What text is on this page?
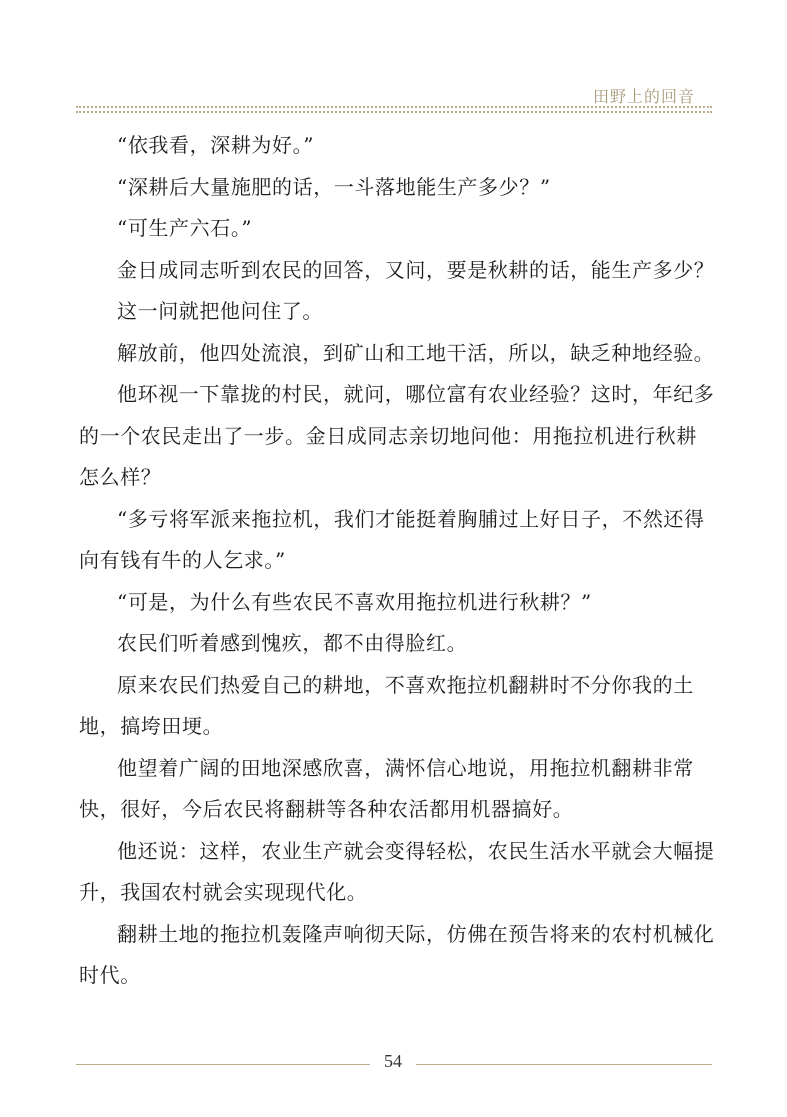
田野上的回音

“依我看，深耕为好。”

“深耕后大量施肥的话，一斗落地能生产多少？”

“可生产六石。”

金日成同志听到农民的回答，又问，要是秋耕的话，能生产多少？

这一问就把他问住了。

解放前，他四处流浪，到矿山和工地干活，所以，缺乏种地经验。

他环视一下靠拢的村民，就问，哪位富有农业经验？这时，年纪多的一个农民走出了一步。金日成同志亲切地问他：用拖拉机进行秋耕怎么样？

“多亏将军派来拖拉机，我们才能挺着胸脯过上好日子，不然还得向有钱有牛的人乞求。”

“可是，为什么有些农民不喜欢用拖拉机进行秋耕？”

农民们听着感到愧疚，都不由得脸红。

原来农民们热爱自己的耕地，不喜欢拖拉机翻耕时不分你我的土地，搞垮田埂。

他望着广阔的田地深感欣喜，满怀信心地说，用拖拉机翻耕非常快，很好，今后农民将翻耕等各种农活都用机器搞好。

他还说：这样，农业生产就会变得轻松，农民生活水平就会大幅提升，我国农村就会实现现代化。

翻耕土地的拖拉机轰隆声响彻天际，仿佛在预告将来的农村机械化时代。

54
